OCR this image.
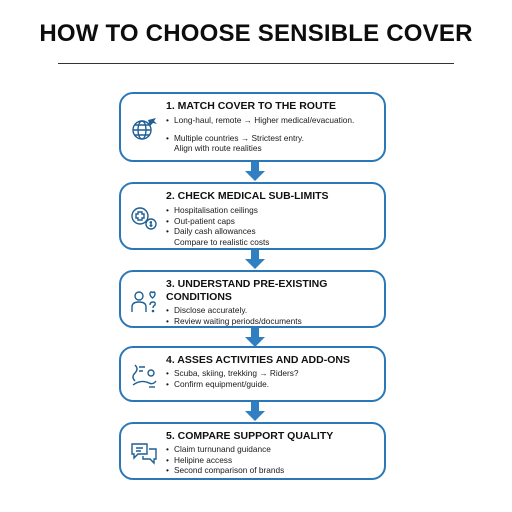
HOW TO CHOOSE SENSIBLE COVER
1. MATCH COVER TO THE ROUTE
• Long-haul, remote → Higher medical/evacuation.
• Multiple countries → Strictest entry.
Align with route realities
2. CHECK MEDICAL SUB-LIMITS
• Hospitalisation ceilings
• Out-patient caps
• Daily cash allowances
Compare to realistic costs
3. UNDERSTAND PRE-EXISTING CONDITIONS
• Disclose accurately.
• Review waiting periods/documents
4. ASSES ACTIVITIES AND ADD-ONS
• Scuba, skiing, trekking → Riders?
• Confirm equipment/guide.
5. COMPARE SUPPORT QUALITY
• Claim turnunand guidance
• Helipine access
• Second comparison of brands
